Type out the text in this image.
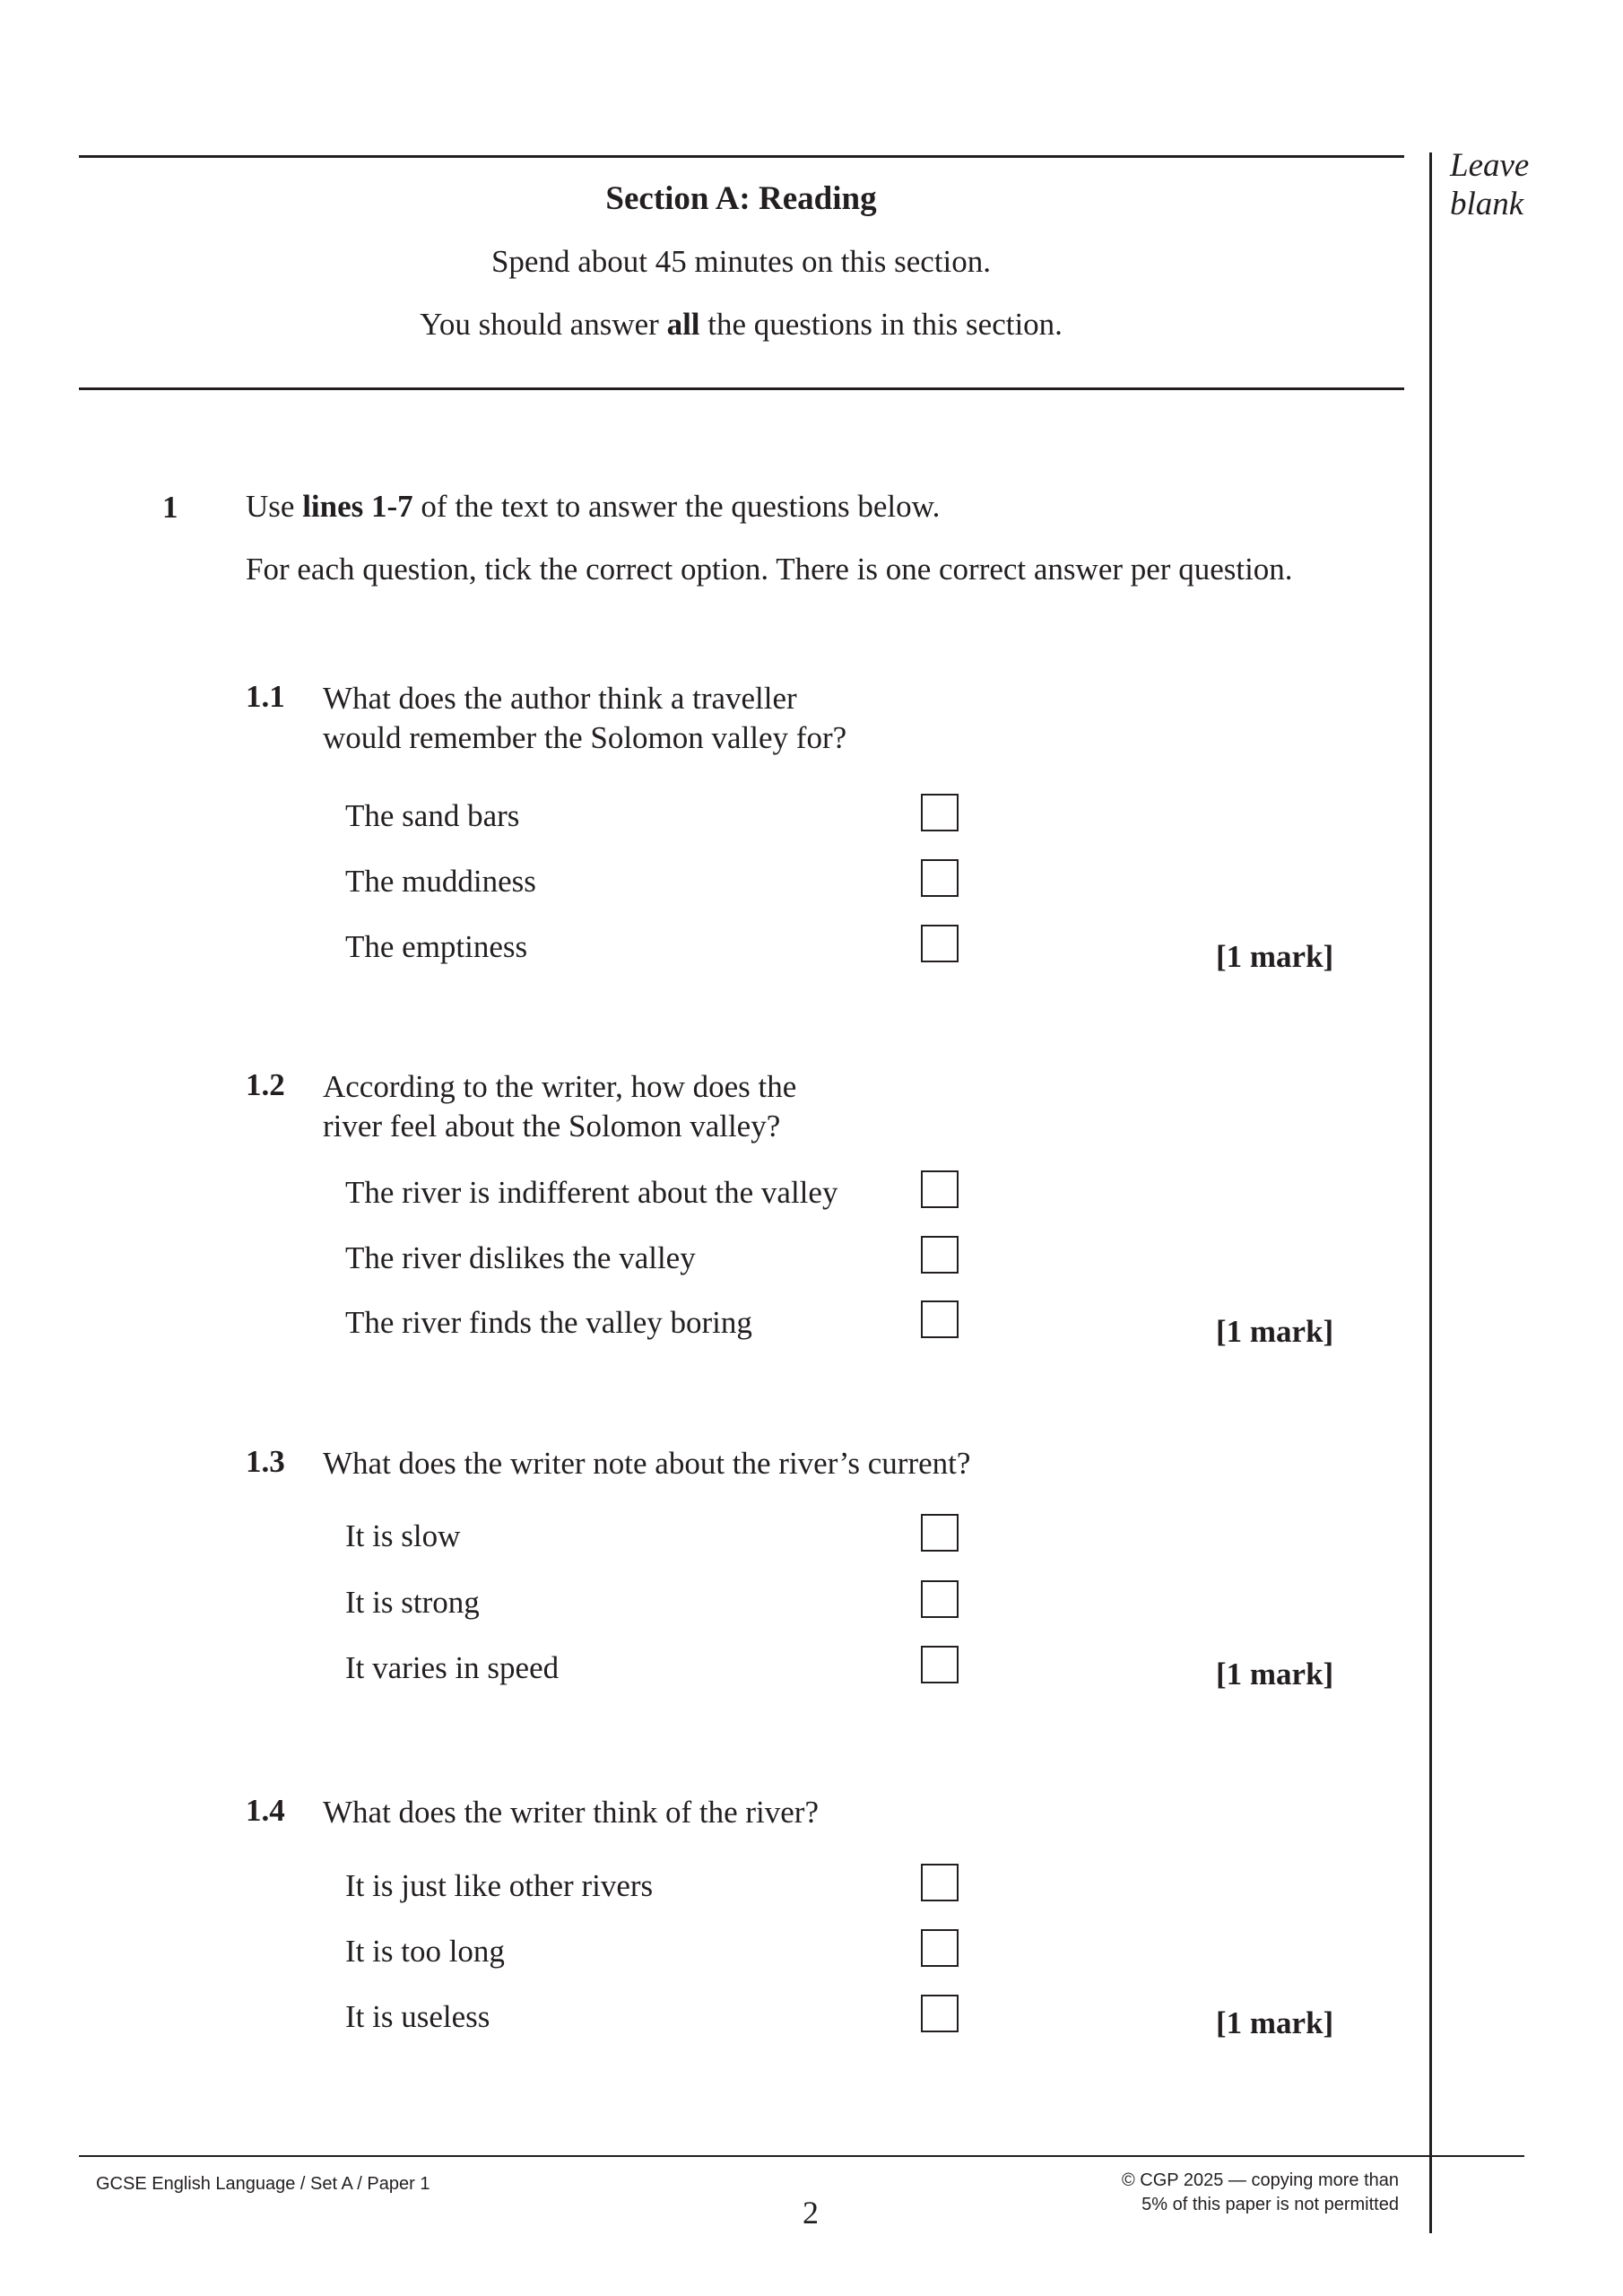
Leave
blank
Section A: Reading
Spend about 45 minutes on this section.
You should answer all the questions in this section.
1 Use lines 1-7 of the text to answer the questions below.
For each question, tick the correct option. There is one correct answer per question.
1.1 What does the author think a traveller
would remember the Solomon valley for?
The sand bars
The muddiness
The emptiness	[1 mark]
1.2 According to the writer, how does the
river feel about the Solomon valley?
The river is indifferent about the valley
The river dislikes the valley
The river finds the valley boring	[1 mark]
1.3 What does the writer note about the river’s current?
It is slow
It is strong
It varies in speed	[1 mark]
1.4 What does the writer think of the river?
It is just like other rivers
It is too long
It is useless	[1 mark]
GCSE English Language / Set A / Paper 1
2
© CGP 2025 — copying more than
5% of this paper is not permitted
